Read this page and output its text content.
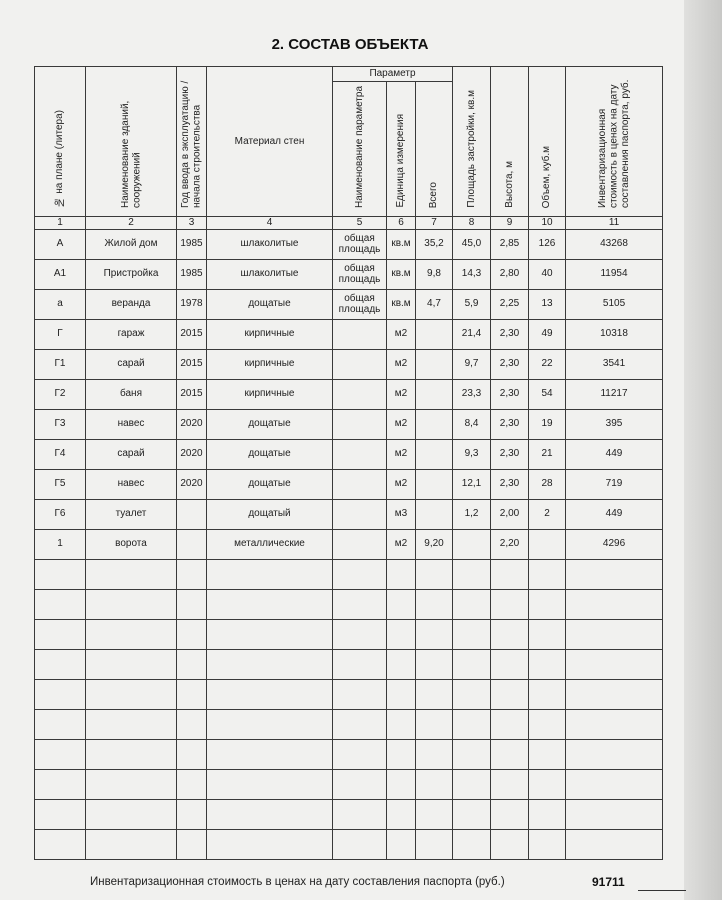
2. СОСТАВ ОБЪЕКТА
№ на плане (литера)	Наименование зданий, сооружений	Год ввода в эксплуатацию / начала строительства	Материал стен	Параметр			Площадь застройки, кв.м	Высота, м	Объем, куб.м	Инвентаризационная стоимость в ценах на дату составления паспорта, руб.
				Наименование параметра	Единица измерения	Всего				
1	2	3	4	5	6	7	8	9	10	11
А	Жилой дом	1985	шлаколитые	общая площадь	кв.м	35,2	45,0	2,85	126	43268
А1	Пристройка	1985	шлаколитые	общая площадь	кв.м	9,8	14,3	2,80	40	11954
а	веранда	1978	дощатые	общая площадь	кв.м	4,7	5,9	2,25	13	5105
Г	гараж	2015	кирпичные		м2		21,4	2,30	49	10318
Г1	сарай	2015	кирпичные		м2		9,7	2,30	22	3541
Г2	баня	2015	кирпичные		м2		23,3	2,30	54	11217
Г3	навес	2020	дощатые		м2		8,4	2,30	19	395
Г4	сарай	2020	дощатые		м2		9,3	2,30	21	449
Г5	навес	2020	дощатые		м2		12,1	2,30	28	719
Г6	туалет		дощатый		м3		1,2	2,00	2	449
1	ворота		металлические		м2	9,20		2,20		4296

Инвентаризационная стоимость в ценах на дату составления паспорта (руб.)	91711
